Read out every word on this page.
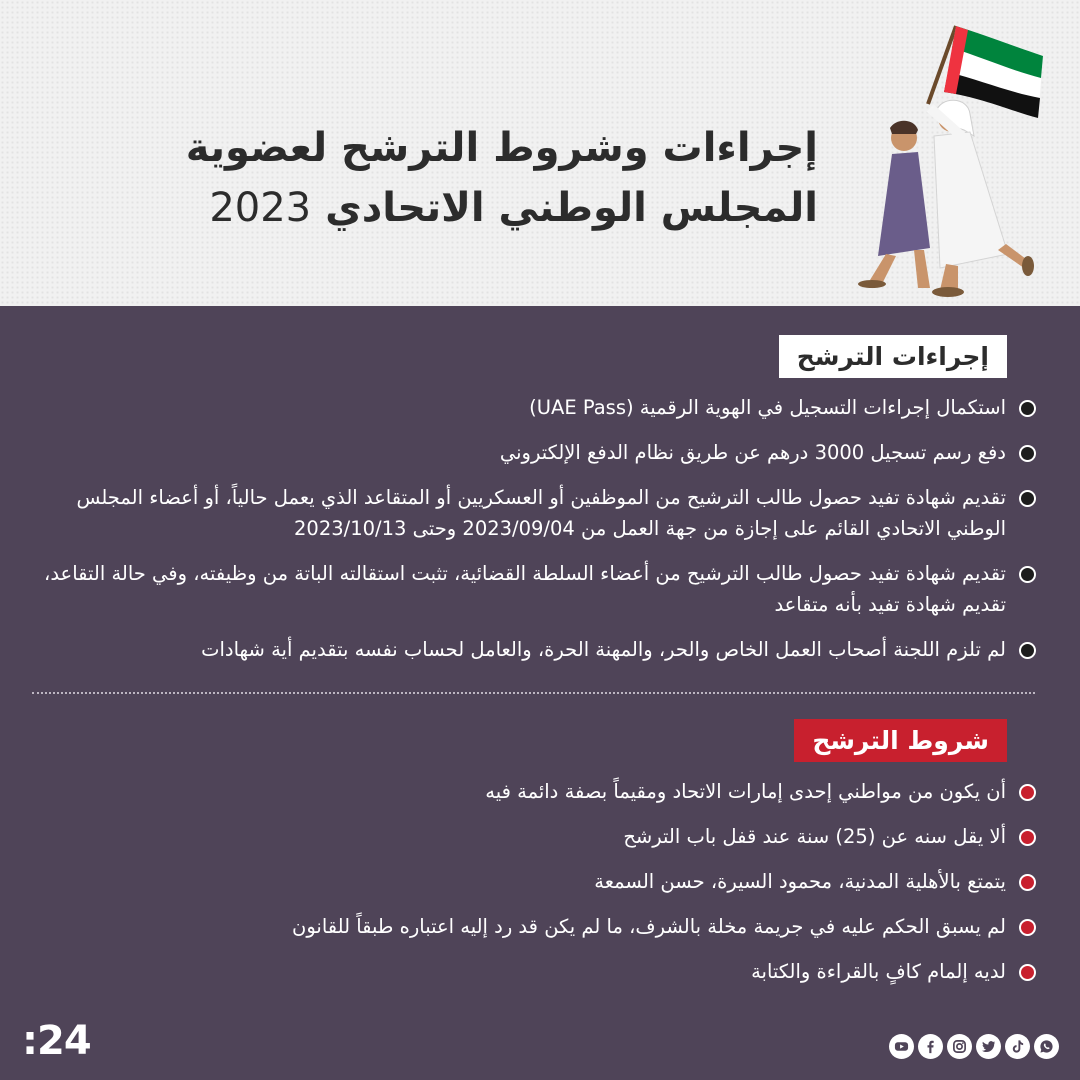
إجراءات وشروط الترشح لعضوية
المجلس الوطني الاتحادي 2023
إجراءات الترشح
استكمال إجراءات التسجيل في الهوية الرقمية (UAE Pass)
دفع رسم تسجيل 3000 درهم عن طريق نظام الدفع الإلكتروني
تقديم شهادة تفيد حصول طالب الترشيح من الموظفين أو العسكريين أو المتقاعد الذي يعمل حالياً، أو أعضاء المجلس الوطني الاتحادي القائم على إجازة من جهة العمل من 2023/09/04 وحتى 2023/10/13
تقديم شهادة تفيد حصول طالب الترشيح من أعضاء السلطة القضائية، تثبت استقالته الباتة من وظيفته، وفي حالة التقاعد، تقديم شهادة تفيد بأنه متقاعد
لم تلزم اللجنة أصحاب العمل الخاص والحر، والمهنة الحرة، والعامل لحساب نفسه بتقديم أية شهادات
شروط الترشح
أن يكون من مواطني إحدى إمارات الاتحاد ومقيماً بصفة دائمة فيه
ألا يقل سنه عن (25) سنة عند قفل باب الترشح
يتمتع بالأهلية المدنية، محمود السيرة، حسن السمعة
لم يسبق الحكم عليه في جريمة مخلة بالشرف، ما لم يكن قد رد إليه اعتباره طبقاً للقانون
لديه إلمام كافٍ بالقراءة والكتابة
:24
